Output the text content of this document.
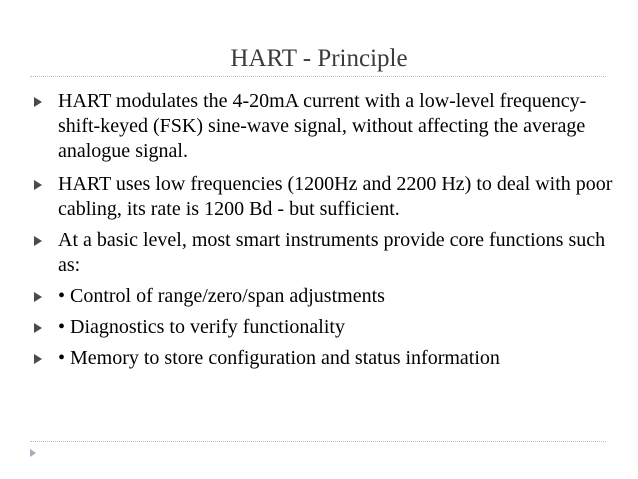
HART - Principle
HART modulates the 4-20mA current with a low-level frequency-shift-keyed (FSK) sine-wave signal, without affecting the average analogue signal.
HART uses low frequencies (1200Hz and 2200 Hz) to deal with poor cabling, its rate is 1200 Bd - but sufficient.
At a basic level, most smart instruments provide core functions such as:
• Control of range/zero/span adjustments
• Diagnostics to verify functionality
• Memory to store configuration and status information
